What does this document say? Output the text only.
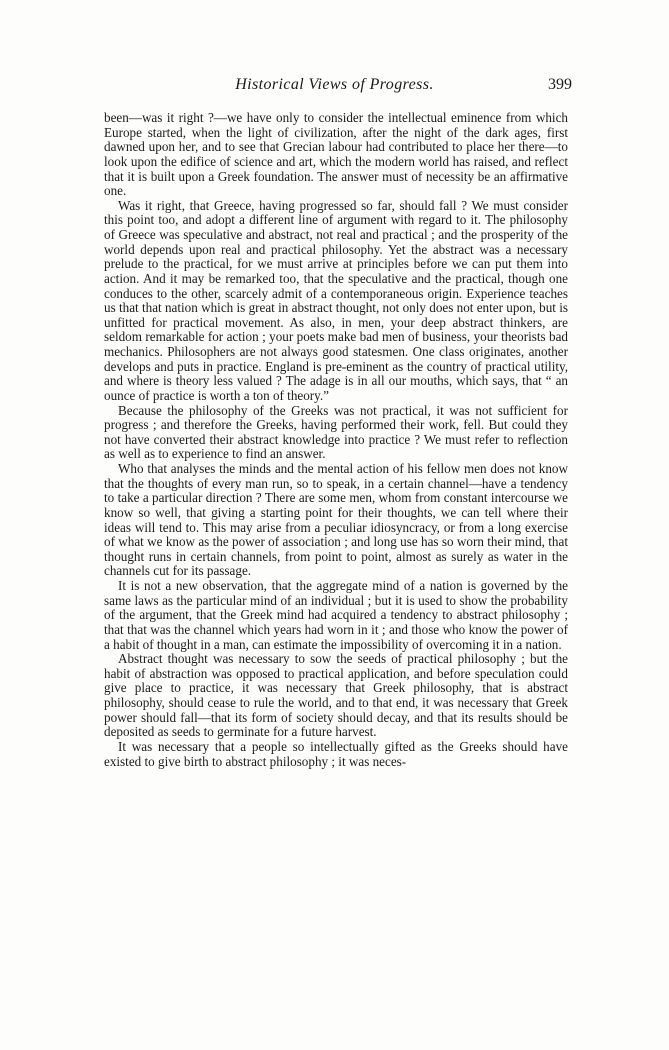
Historical Views of Progress.	399

been—was it right ?—we have only to consider the intellectual eminence from which Europe started, when the light of civilization, after the night of the dark ages, first dawned upon her, and to see that Grecian labour had contributed to place her there—to look upon the edifice of science and art, which the modern world has raised, and reflect that it is built upon a Greek foundation. The answer must of necessity be an affirmative one.

Was it right, that Greece, having progressed so far, should fall ? We must consider this point too, and adopt a different line of argument with regard to it. The philosophy of Greece was speculative and abstract, not real and practical ; and the prosperity of the world depends upon real and practical philosophy. Yet the abstract was a necessary prelude to the practical, for we must arrive at principles before we can put them into action. And it may be remarked too, that the speculative and the practical, though one conduces to the other, scarcely admit of a contemporaneous origin. Experience teaches us that that nation which is great in abstract thought, not only does not enter upon, but is unfitted for practical movement. As also, in men, your deep abstract thinkers, are seldom remarkable for action ; your poets make bad men of business, your theorists bad mechanics. Philosophers are not always good statesmen. One class originates, another develops and puts in practice. England is pre-eminent as the country of practical utility, and where is theory less valued ? The adage is in all our mouths, which says, that “ an ounce of practice is worth a ton of theory.”

Because the philosophy of the Greeks was not practical, it was not sufficient for progress ; and therefore the Greeks, having performed their work, fell. But could they not have converted their abstract knowledge into practice ? We must refer to reflection as well as to experience to find an answer.

Who that analyses the minds and the mental action of his fellow men does not know that the thoughts of every man run, so to speak, in a certain channel—have a tendency to take a particular direction ? There are some men, whom from constant intercourse we know so well, that giving a starting point for their thoughts, we can tell where their ideas will tend to. This may arise from a peculiar idiosyncracy, or from a long exercise of what we know as the power of association ; and long use has so worn their mind, that thought runs in certain channels, from point to point, almost as surely as water in the channels cut for its passage.

It is not a new observation, that the aggregate mind of a nation is governed by the same laws as the particular mind of an individual ; but it is used to show the probability of the argument, that the Greek mind had acquired a tendency to abstract philosophy ; that that was the channel which years had worn in it ; and those who know the power of a habit of thought in a man, can estimate the impossibility of overcoming it in a nation.

Abstract thought was necessary to sow the seeds of practical philosophy ; but the habit of abstraction was opposed to practical application, and before speculation could give place to practice, it was necessary that Greek philosophy, that is abstract philosophy, should cease to rule the world, and to that end, it was necessary that Greek power should fall—that its form of society should decay, and that its results should be deposited as seeds to germinate for a future harvest.

It was necessary that a people so intellectually gifted as the Greeks should have existed to give birth to abstract philosophy ; it was neces-
